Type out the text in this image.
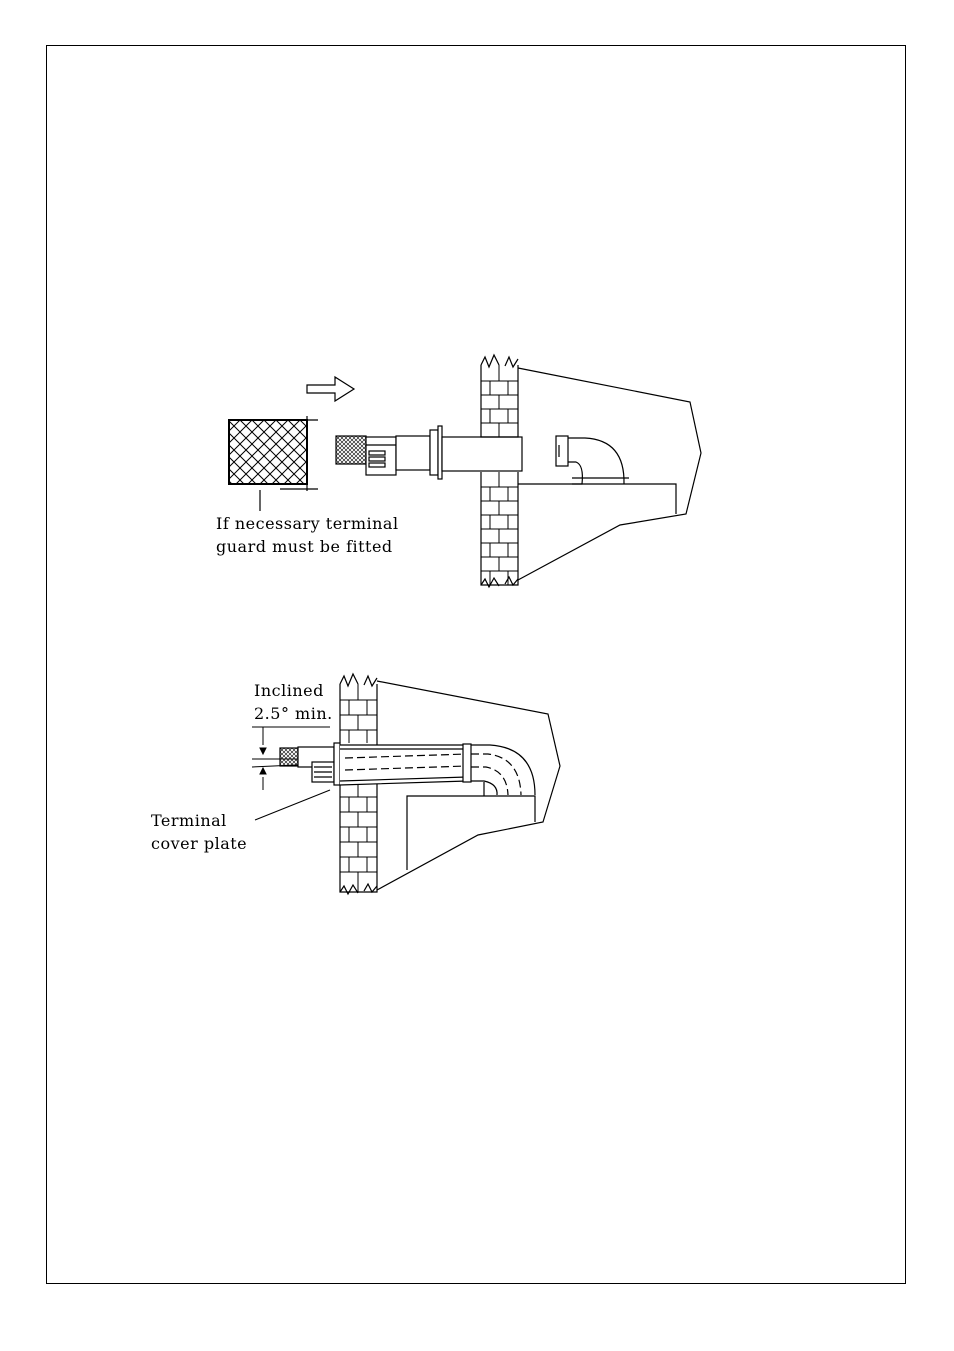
If necessary terminal
guard must be fitted
Inclined
2.5° min.
Terminal
cover plate
